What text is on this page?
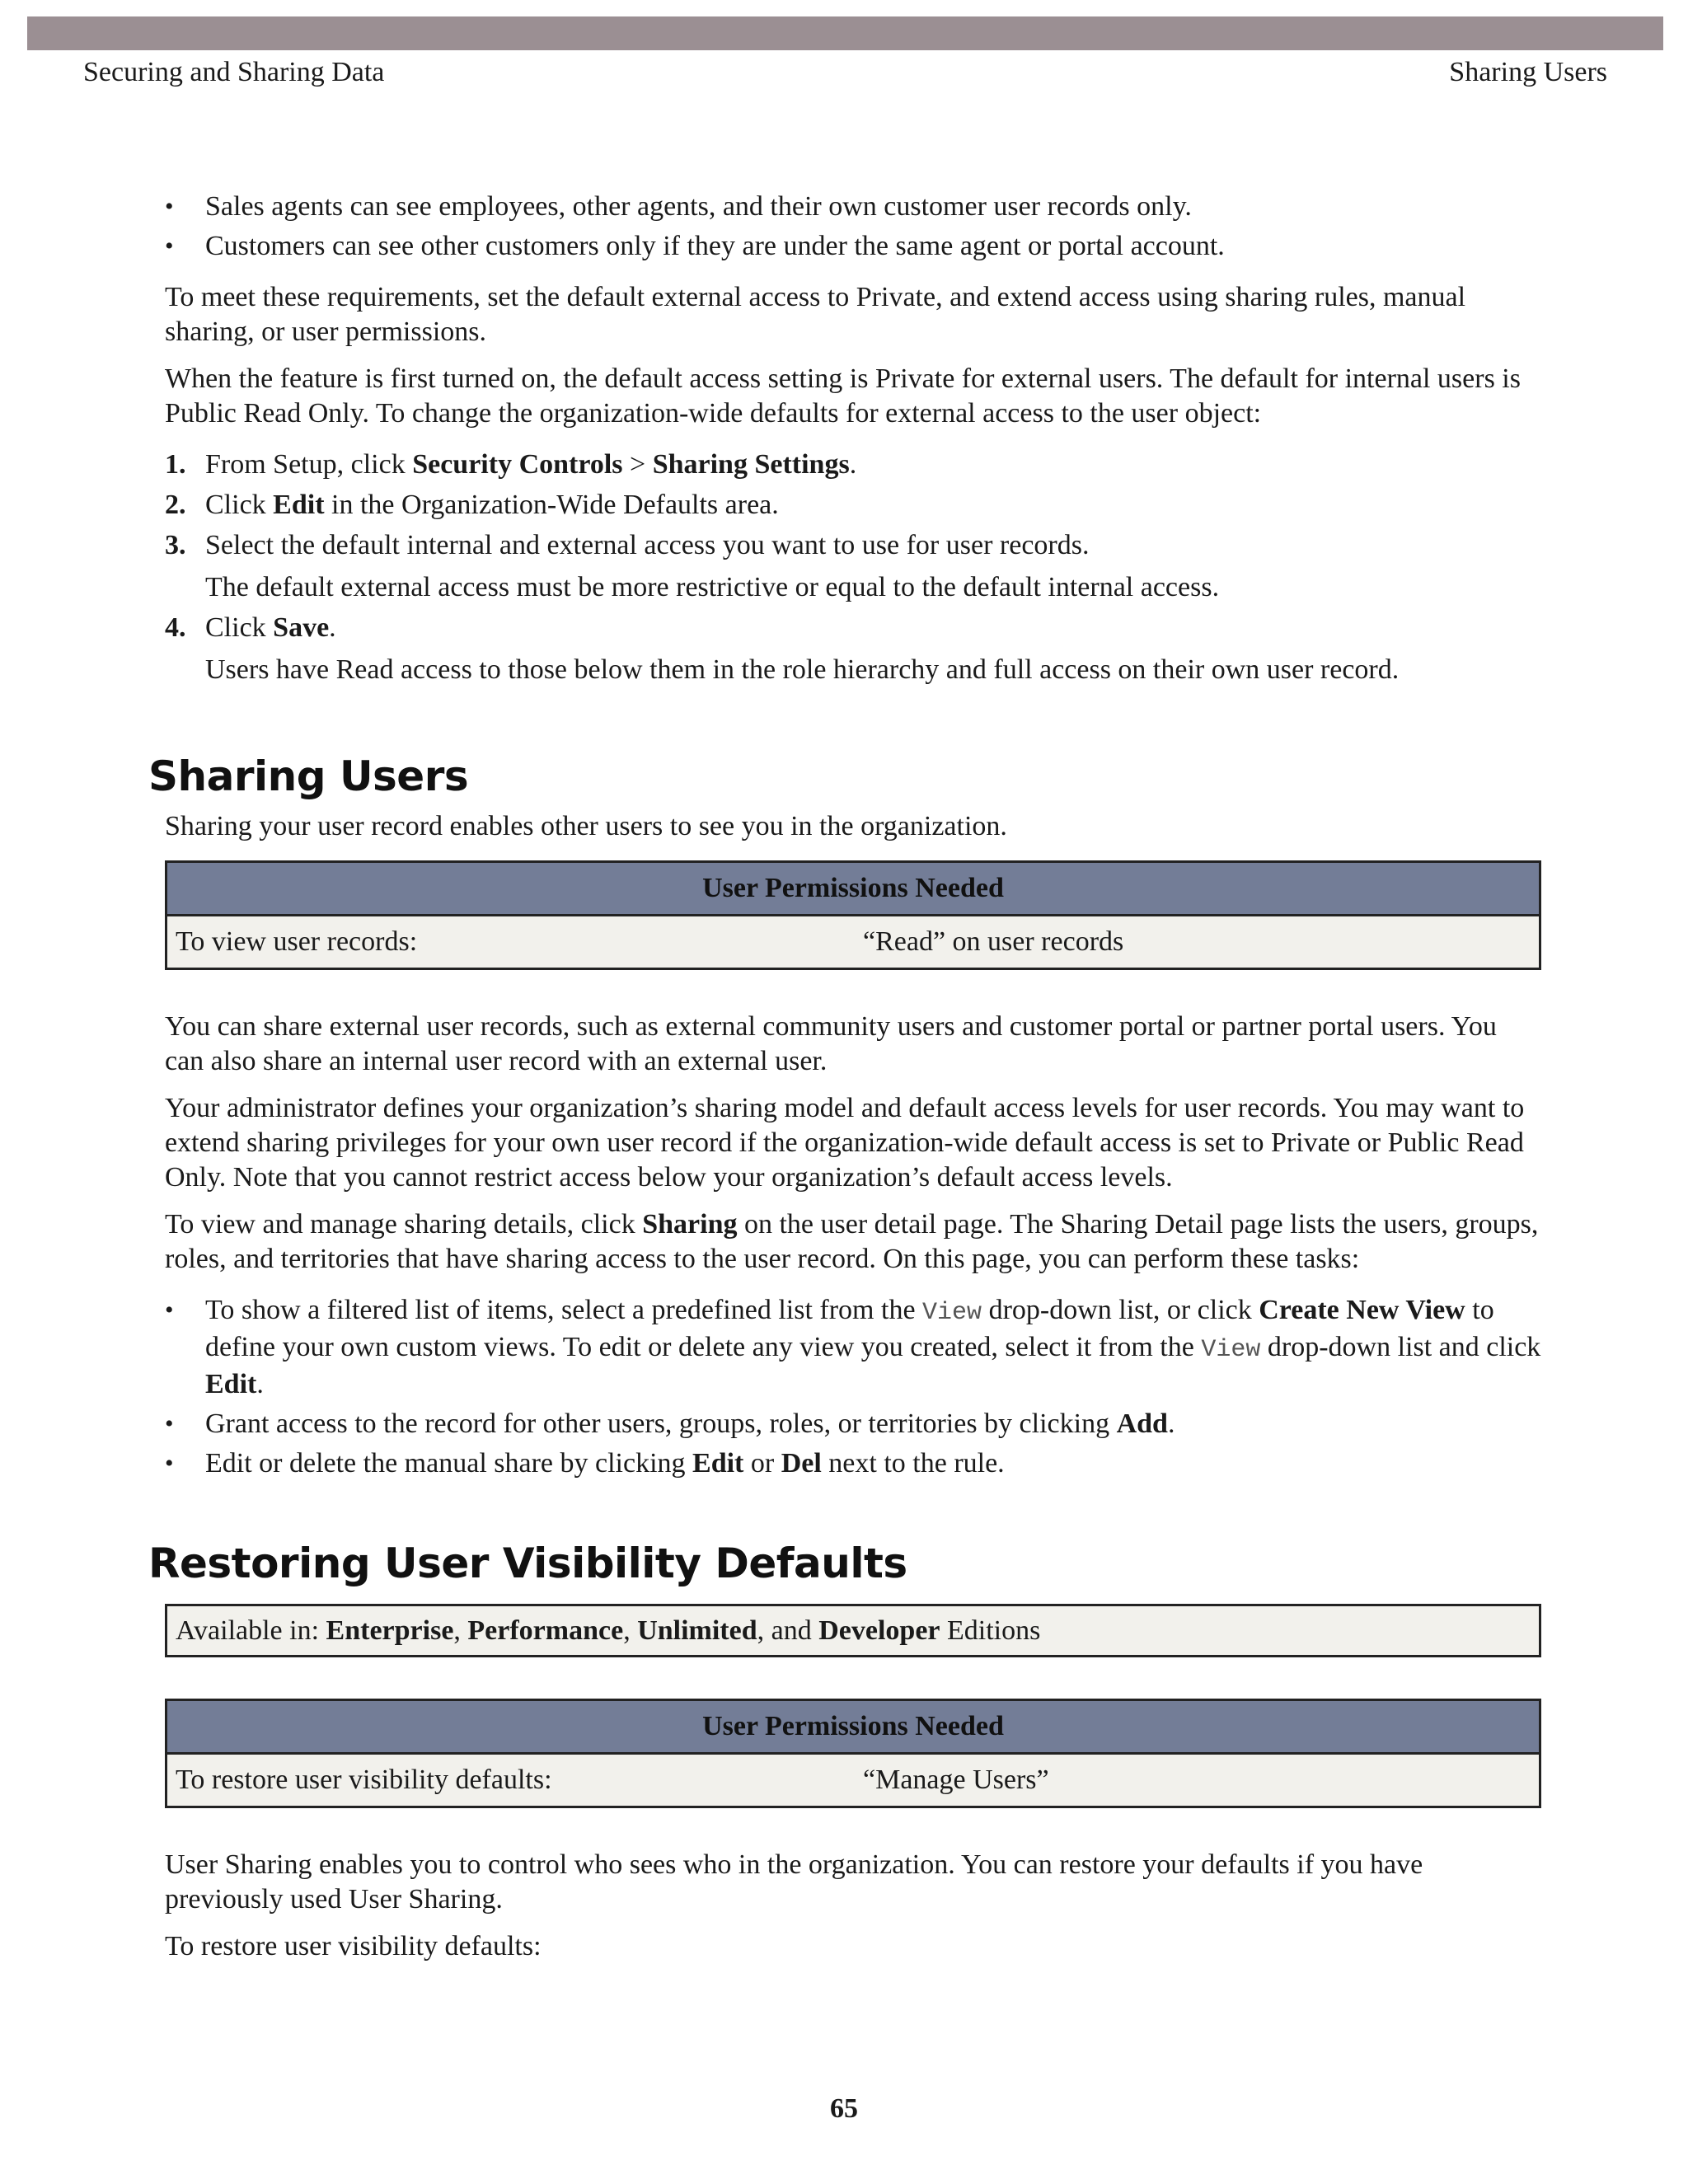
Securing and Sharing Data	Sharing Users
• Sales agents can see employees, other agents, and their own customer user records only.
• Customers can see other customers only if they are under the same agent or portal account.

To meet these requirements, set the default external access to Private, and extend access using sharing rules, manual sharing, or user permissions.

When the feature is first turned on, the default access setting is Private for external users. The default for internal users is Public Read Only. To change the organization-wide defaults for external access to the user object:

1. From Setup, click Security Controls > Sharing Settings.
2. Click Edit in the Organization-Wide Defaults area.
3. Select the default internal and external access you want to use for user records.
The default external access must be more restrictive or equal to the default internal access.
4. Click Save.
Users have Read access to those below them in the role hierarchy and full access on their own user record.
Sharing Users

Sharing your user record enables other users to see you in the organization.

User Permissions Needed
To view user records:	“Read” on user records

You can share external user records, such as external community users and customer portal or partner portal users. You can also share an internal user record with an external user.

Your administrator defines your organization’s sharing model and default access levels for user records. You may want to extend sharing privileges for your own user record if the organization-wide default access is set to Private or Public Read Only. Note that you cannot restrict access below your organization’s default access levels.

To view and manage sharing details, click Sharing on the user detail page. The Sharing Detail page lists the users, groups, roles, and territories that have sharing access to the user record. On this page, you can perform these tasks:

• To show a filtered list of items, select a predefined list from the View drop-down list, or click Create New View to define your own custom views. To edit or delete any view you created, select it from the View drop-down list and click Edit.
• Grant access to the record for other users, groups, roles, or territories by clicking Add.
• Edit or delete the manual share by clicking Edit or Del next to the rule.
Restoring User Visibility Defaults
Available in: Enterprise, Performance, Unlimited, and Developer Editions
User Permissions Needed
To restore user visibility defaults:	“Manage Users”

User Sharing enables you to control who sees who in the organization. You can restore your defaults if you have previously used User Sharing.

To restore user visibility defaults:

65
